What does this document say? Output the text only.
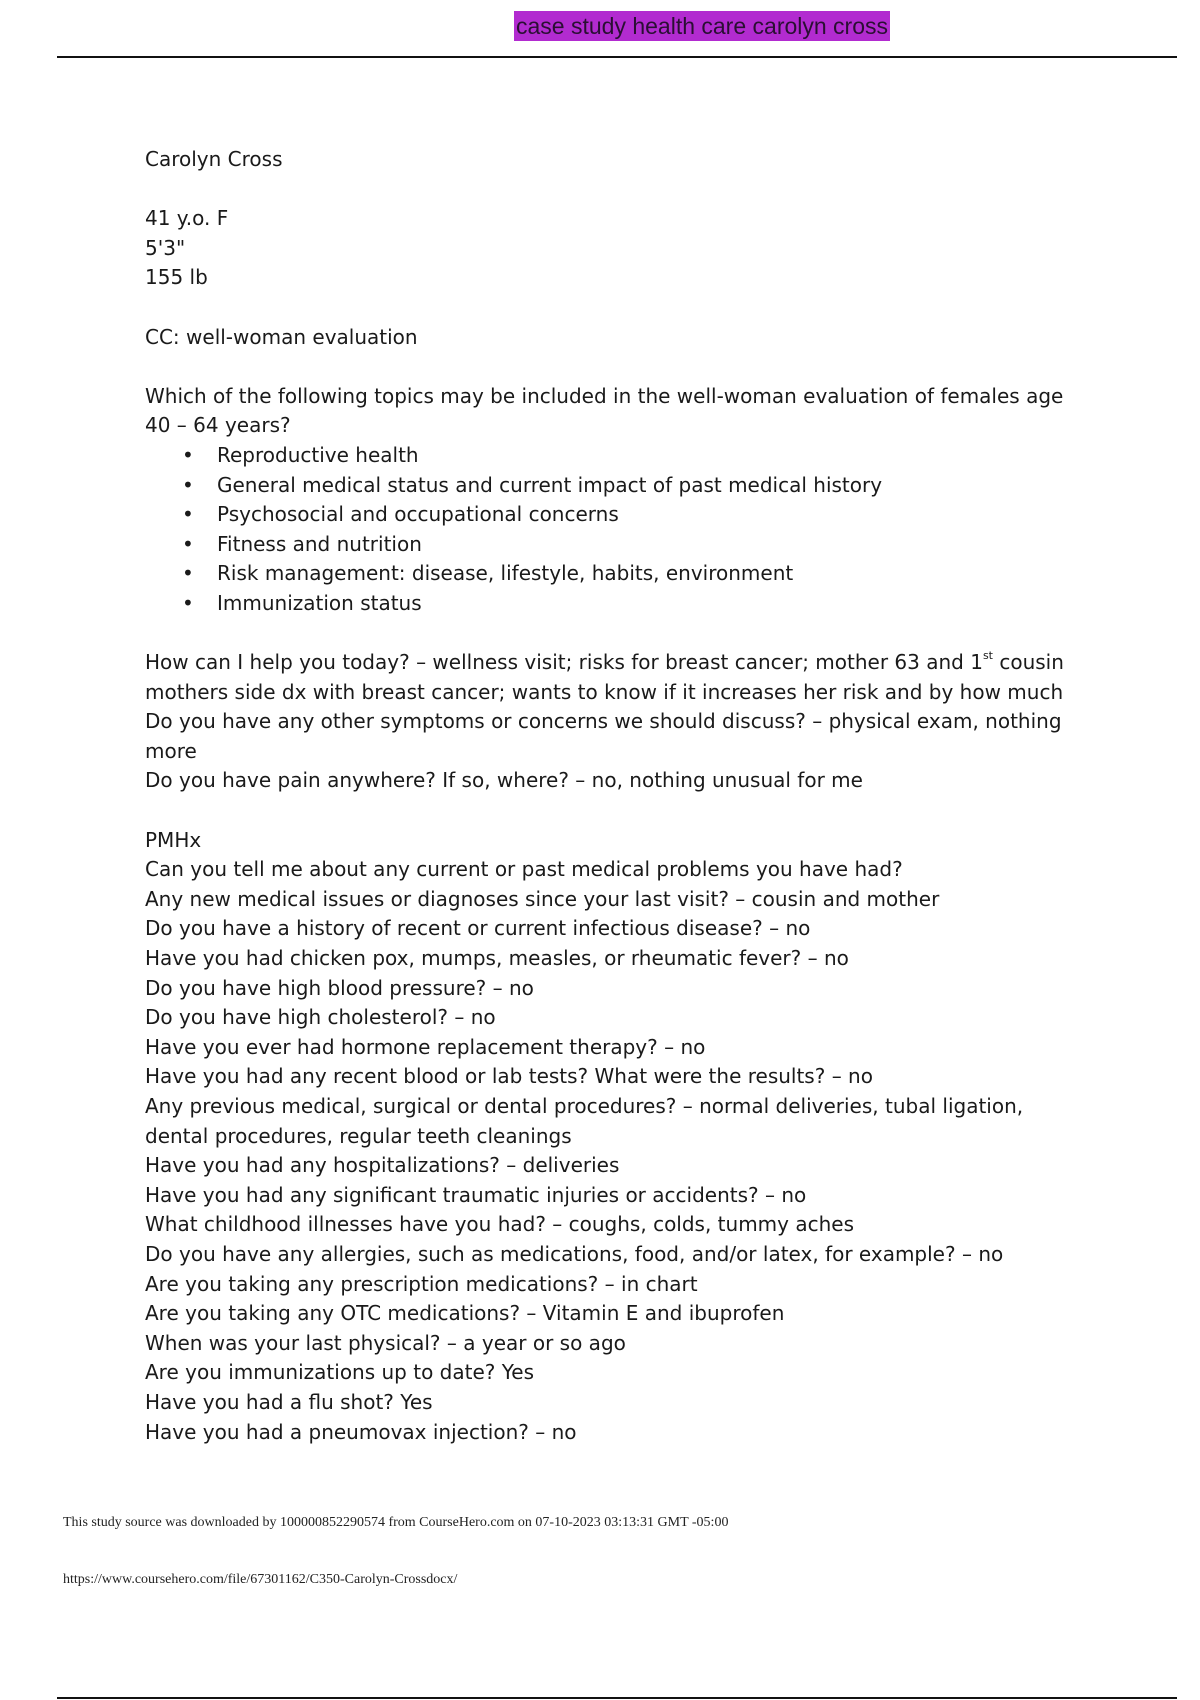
case study health care carolyn cross
Carolyn Cross
41 y.o. F
5'3"
155 lb
CC: well-woman evaluation
Which of the following topics may be included in the well-woman evaluation of females age 40 – 64 years?
• Reproductive health
• General medical status and current impact of past medical history
• Psychosocial and occupational concerns
• Fitness and nutrition
• Risk management: disease, lifestyle, habits, environment
• Immunization status
How can I help you today? – wellness visit; risks for breast cancer; mother 63 and 1st cousin
mothers side dx with breast cancer; wants to know if it increases her risk and by how much
Do you have any other symptoms or concerns we should discuss? – physical exam, nothing more
Do you have pain anywhere? If so, where? – no, nothing unusual for me
PMHx
Can you tell me about any current or past medical problems you have had?
Any new medical issues or diagnoses since your last visit? – cousin and mother
Do you have a history of recent or current infectious disease? – no
Have you had chicken pox, mumps, measles, or rheumatic fever? – no
Do you have high blood pressure? – no
Do you have high cholesterol? – no
Have you ever had hormone replacement therapy? – no
Have you had any recent blood or lab tests? What were the results? – no
Any previous medical, surgical or dental procedures? – normal deliveries, tubal ligation, dental procedures, regular teeth cleanings
Have you had any hospitalizations? – deliveries
Have you had any significant traumatic injuries or accidents? – no
What childhood illnesses have you had? – coughs, colds, tummy aches
Do you have any allergies, such as medications, food, and/or latex, for example? – no
Are you taking any prescription medications? – in chart
Are you taking any OTC medications? – Vitamin E and ibuprofen
When was your last physical? – a year or so ago
Are you immunizations up to date? Yes
Have you had a flu shot? Yes
Have you had a pneumovax injection? – no
This study source was downloaded by 100000852290574 from CourseHero.com on 07-10-2023 03:13:31 GMT -05:00
https://www.coursehero.com/file/67301162/C350-Carolyn-Crossdocx/
